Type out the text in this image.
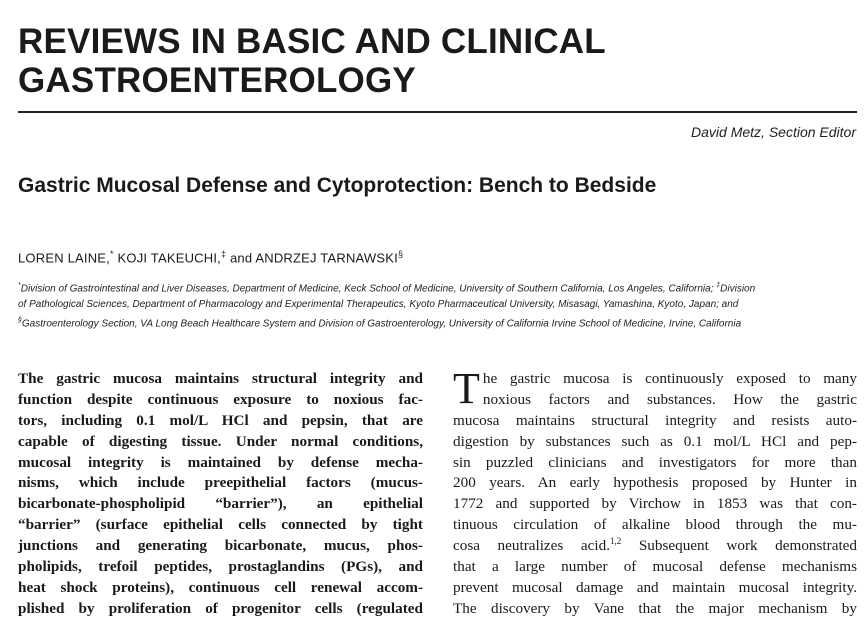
REVIEWS IN BASIC AND CLINICAL
GASTROENTEROLOGY
David Metz, Section Editor
Gastric Mucosal Defense and Cytoprotection: Bench to Bedside
LOREN LAINE,* KOJI TAKEUCHI,‡ and ANDRZEJ TARNAWSKI§
*Division of Gastrointestinal and Liver Diseases, Department of Medicine, Keck School of Medicine, University of Southern California, Los Angeles, California; ‡Division
of Pathological Sciences, Department of Pharmacology and Experimental Therapeutics, Kyoto Pharmaceutical University, Misasagi, Yamashina, Kyoto, Japan; and
§Gastroenterology Section, VA Long Beach Healthcare System and Division of Gastroenterology, University of California Irvine School of Medicine, Irvine, California
The gastric mucosa maintains structural integrity and
function despite continuous exposure to noxious fac-
tors, including 0.1 mol/L HCl and pepsin, that are
capable of digesting tissue. Under normal conditions,
mucosal integrity is maintained by defense mecha-
nisms, which include preepithelial factors (mucus-
bicarbonate-phospholipid “barrier”), an epithelial
“barrier” (surface epithelial cells connected by tight
junctions and generating bicarbonate, mucus, phos-
pholipids, trefoil peptides, prostaglandins (PGs), and
heat shock proteins), continuous cell renewal accom-
plished by proliferation of progenitor cells (regulated
T he gastric mucosa is continuously exposed to many
noxious factors and substances. How the gastric
mucosa maintains structural integrity and resists auto-
digestion by substances such as 0.1 mol/L HCl and pep-
sin puzzled clinicians and investigators for more than
200 years. An early hypothesis proposed by Hunter in
1772 and supported by Virchow in 1853 was that con-
tinuous circulation of alkaline blood through the mu-
cosa neutralizes acid.$^{1,2}$ Subsequent work demonstrated
that a large number of mucosal defense mechanisms
prevent mucosal damage and maintain mucosal integrity.
The discovery by Vane that the major mechanism by
